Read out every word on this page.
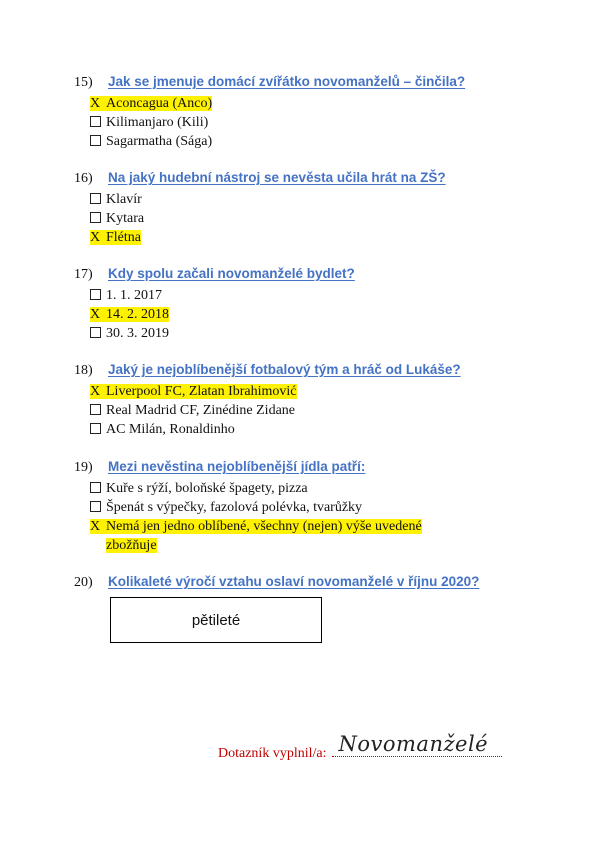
15)	Jak se jmenuje domácí zvířátko novomanželů – činčila?
X Aconcagua (Anco)
Kilimanjaro (Kili)
Sagarmatha (Sága)
16)	Na jaký hudební nástroj se nevěsta učila hrát na ZŠ?
Klavír
Kytara
X Flétna
17)	Kdy spolu začali novomanželé bydlet?
1. 1. 2017
X 14. 2. 2018
30. 3. 2019
18)	Jaký je nejoblíbenější fotbalový tým a hráč od Lukáše?
X Liverpool FC, Zlatan Ibrahimović
Real Madrid CF, Zinédine Zidane
AC Milán, Ronaldinho
19)	Mezi nevěstina nejoblíbenější jídla patří:
Kuře s rýží, boloňské špagety, pizza
Špenát s výpečky, fazolová polévka, tvarůžky
X Nemá jen jedno oblíbené, všechny (nejen) výše uvedené
zbožňuje
20)	Kolikaleté výročí vztahu oslaví novomanželé v říjnu 2020?
pětileté
Dotazník vyplnil/a: Novomanželé
